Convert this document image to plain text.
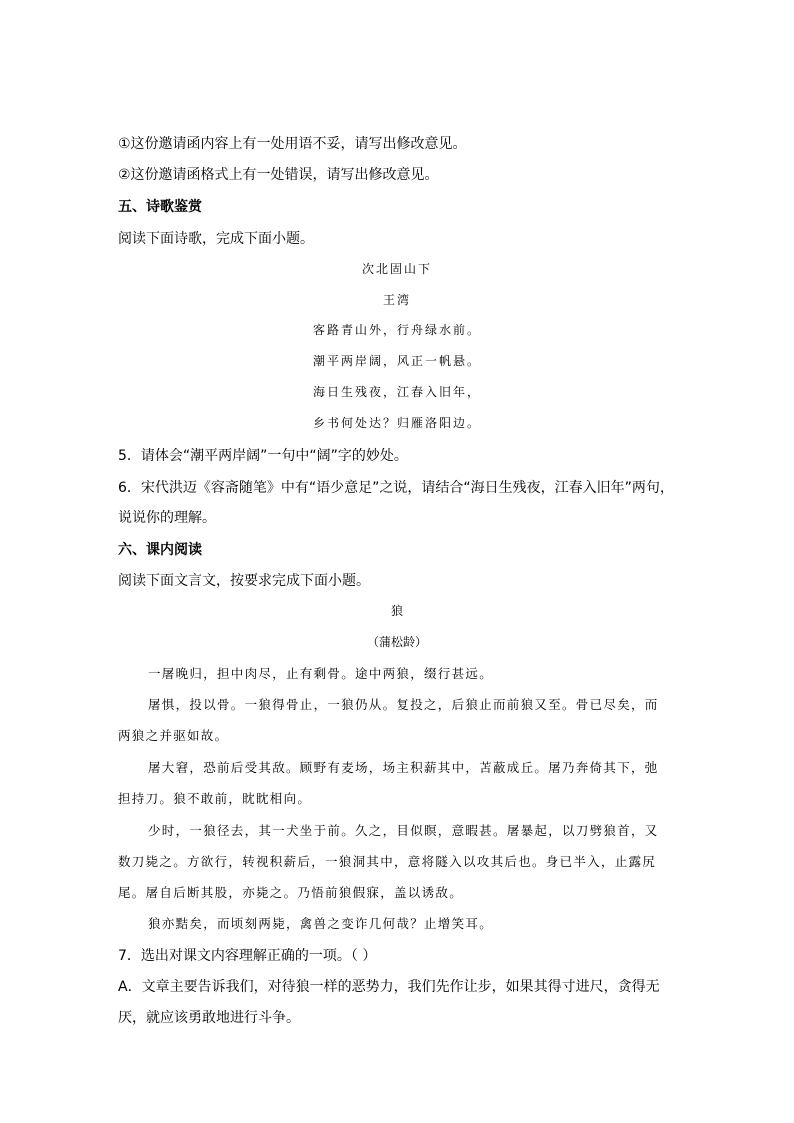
①这份邀请函内容上有一处用语不妥，请写出修改意见。
②这份邀请函格式上有一处错误，请写出修改意见。
五、诗歌鉴赏
阅读下面诗歌，完成下面小题。
次北固山下
王湾
客路青山外，行舟绿水前。
潮平两岸阔，风正一帆悬。
海日生残夜，江春入旧年，
乡书何处达？归雁洛阳边。
5．请体会“潮平两岸阔”一句中“阔”字的妙处。
6．宋代洪迈《容斋随笔》中有“语少意足”之说，请结合“海日生残夜，江春入旧年”两句，
说说你的理解。
六、课内阅读
阅读下面文言文，按要求完成下面小题。
狼
（蒲松龄）
一屠晚归，担中肉尽，止有剩骨。途中两狼，缀行甚远。
屠惧，投以骨。一狼得骨止，一狼仍从。复投之，后狼止而前狼又至。骨已尽矣，而
两狼之并驱如故。
屠大窘，恐前后受其敌。顾野有麦场，场主积薪其中，苫蔽成丘。屠乃奔倚其下，弛
担持刀。狼不敢前，眈眈相向。
少时，一狼径去，其一犬坐于前。久之，目似瞑，意暇甚。屠暴起，以刀劈狼首，又
数刀毙之。方欲行，转视积薪后，一狼洞其中，意将隧入以攻其后也。身已半入，止露尻
尾。屠自后断其股，亦毙之。乃悟前狼假寐，盖以诱敌。
狼亦黠矣，而顷刻两毙，禽兽之变诈几何哉？止增笑耳。
7．选出对课文内容理解正确的一项。（ ）
A．文章主要告诉我们，对待狼一样的恶势力，我们先作让步，如果其得寸进尺，贪得无
厌，就应该勇敢地进行斗争。
